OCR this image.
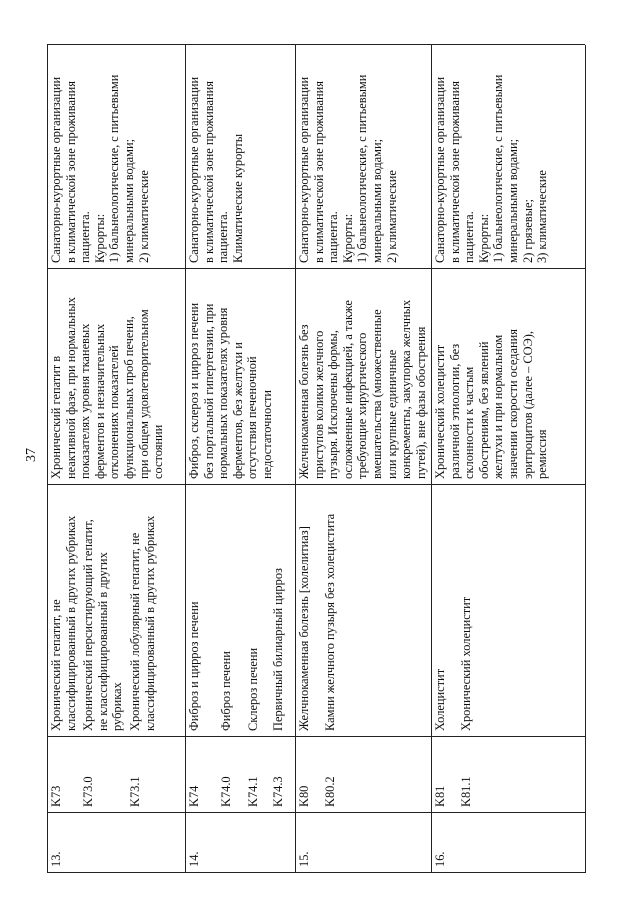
37
13.
K73 K73.0	K73.1
Хронический гепатит, не классифицированный в других рубриках Хронический персистирующий гепатит, не классифицированный в других рубриках Хронический лобулярный гепатит, не классифицированный в других рубриках
Хронический гепатит в неактивной фазе, при нормальных показателях уровня тканевых ферментов и незначительных отклонениях показателей функциональных проб печени, при общем удовлетворительном состоянии
Санаторно-курортные организации в климатической зоне проживания пациента. Курорты: 1) бальнеологические, с питьевыми минеральными водами; 2) климатические
14.
K74 K74.0 K74.1 K74.3
Фиброз и цирроз печени Фиброз печени Склероз печени Первичный билиарный цирроз
Фиброз, склероз и цирроз печени без портальной гипертензии, при нормальных показателях уровня ферментов, без желтухи и отсутствия печеночной недостаточности
Санаторно-курортные организации в климатической зоне проживания пациента. Климатические курорты
15.
K80 K80.2
Желчнокаменная болезнь [холелитиаз] Камни желчного пузыря без холецистита
Желчнокаменная болезнь без приступов колики желчного пузыря. Исключены формы, осложненные инфекцией, а также требующие хирургического вмешательства (множественные или крупные единичные конкременты, закупорка желчных путей), вне фазы обострения
Санаторно-курортные организации в климатической зоне проживания пациента. Курорты: 1) бальнеологические, с питьевыми минеральными водами; 2) климатические
16.
K81 K81.1
Холецистит Хронический холецистит
Хронический холецистит различной этиологии, без склонности к частым обострениям, без явлений желтухи и при нормальном значении скорости оседания эритроцитов (далее – СОЭ), ремиссия
Санаторно-курортные организации в климатической зоне проживания пациента. Курорты: 1) бальнеологические, с питьевыми минеральными водами; 2) грязевые; 3) климатические
